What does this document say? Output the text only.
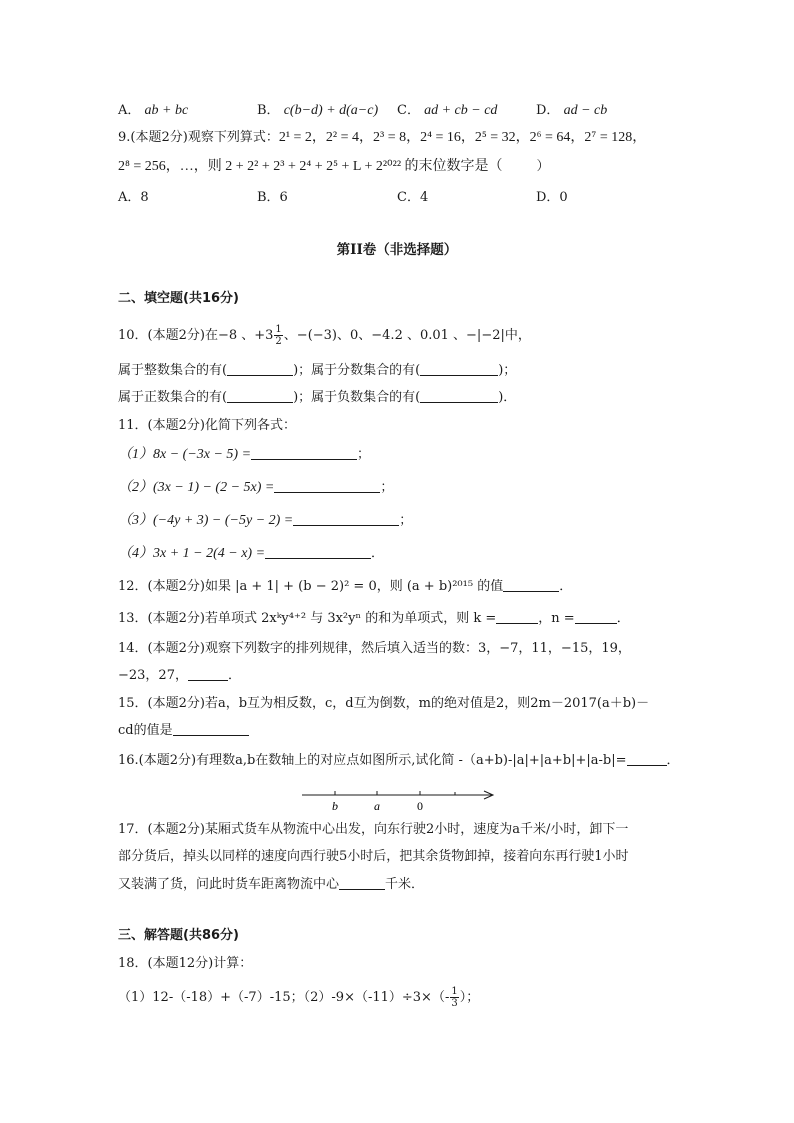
A． ab + bc	B． c(b−d) + d(a−c) C． ad + cb − cd	D． ad − cb
9.(本题2分)观察下列算式：2¹ = 2，2² = 4，2³ = 8，2⁴ = 16，2⁵ = 32，2⁶ = 64，2⁷ = 128，
2⁸ = 256，…，则 2 + 2² + 2³ + 2⁴ + 2⁵ + L + 2²⁰²² 的末位数字是（	）
A．8	B．6	C．4	D．0
第II卷（非选择题）
二、填空题(共16分)
10．(本题2分)在−8 、$+3 \frac{1}{2}$ 、−(−3)、0、−4.2 、0.01 、−|−2|中，
属于整数集合的有(	)；属于分数集合的有(	)；
属于正数集合的有(	)；属于负数集合的有(	)．
11．(本题2分)化简下列各式：
（1）8x − (−3x − 5) =	；
（2）(3x − 1) − (2 − 5x) =	；
（3）(−4y + 3) − (−5y − 2) =	；
（4）3x + 1 − 2(4 − x) =	．
12．(本题2分)如果 |a + 1| + (b − 2)² = 0，则 (a + b)²⁰¹⁵ 的值	．
13．(本题2分)若单项式 2xᵏy⁴⁺² 与 3x²yⁿ 的和为单项式，则 k =	，n =	．
14．(本题2分)观察下列数字的排列规律，然后填入适当的数：3，−7，11，−15，19，
−23，27，	．
15．(本题2分)若a，b互为相反数，c，d互为倒数，m的绝对值是2，则2m－2017(a＋b)－
cd的值是
16.(本题2分)有理数a,b在数轴上的对应点如图所示,试化简 -（a+b)-|a|+|a+b|+|a-b|=	．
b	a	0
17．(本题2分)某厢式货车从物流中心出发，向东行驶2小时，速度为a千米/小时，卸下一
部分货后，掉头以同样的速度向西行驶5小时后，把其余货物卸掉，接着向东再行驶1小时
又装满了货，问此时货车距离物流中心	千米．
三、解答题(共86分)
18．(本题12分)计算：
（1）12-（-18）+（-7）-15；$(2)-9\times(-11)\div 3\times(- \frac{1}{3}$ ）；
